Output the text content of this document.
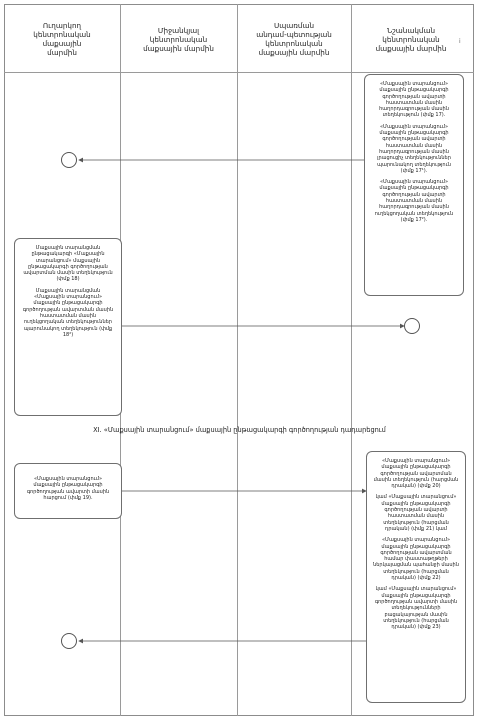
Ուղարկող
կենտրոնական
մաքսային
մարմին
Միջանկյալ
կենտրոնական
մաքսային մարմին
Սպառման
անդամ-պետության
կենտրոնական
մաքսային մարմին
Նշանակման
կենտրոնական
մաքսային մարմին
i

«Մաքսային տարանցում» մաքսային ընթացակարգի գործողության ավարտի հաստատման մասին հաղորդագրության մասին տեղեկություն (փմք 17).

«Մաքսային տարանցում» մաքսային ընթացակարգի գործողության ավարտի հաստատման մասին հաղորդագրության մասին լրացուցիչ տեղեկություններ պարունակող տեղեկություն (փմք 17¹).

«Մաքսային տարանցում» մաքսային ընթացակարգի գործողության ավարտի հաստատման մասին հաղորդագրության մասին ուղեկցողական տեղեկություն (փմք 17²).

Մաքսային տարանցման ընթացակարգի «Մաքսային տարանցում» մաքսային ընթացակարգի գործողության ավարտման մասին տեղեկություն (փմք 18)

Մաքսային տարանցման «Մաքսային տարանցում» մաքսային ընթացակարգի գործողության ավարտման մասին հաստատման մասին ուղեկցողական տեղեկություններ պարունակող տեղեկություն (փմք 18²)

XI. «Մաքսային տարանցում» մաքսային ընթացակարգի գործողության դադարեցում

«Մաքսային տարանցում» մաքսային ընթացակարգի գործողության ավարտի մասին հարցում (փմք 19).

«Մաքսային տարանցում» մաքսային ընթացակարգի գործողության ավարտման մասին տեղեկություն (հարցման դրական) (փմք 20)

կամ «Մաքսային տարանցում» մաքսային ընթացակարգի գործողության ավարտի հաստատման մասին տեղեկություն (հարցման դրական) (փմք 21) կամ

«Մաքսային տարանցում» մաքսային ընթացակարգի գործողության ավարտման համար փաստաթղթերի ներկայացման պահանջի մասին տեղեկություն (հարցման դրական) (փմք 22)

կամ «Մաքսային տարանցում» մաքսային ընթացակարգի գործողության ավարտի մասին տեղեկությունների բացակայության մասին տեղեկություն (հարցման դրական) (փմք 23)
